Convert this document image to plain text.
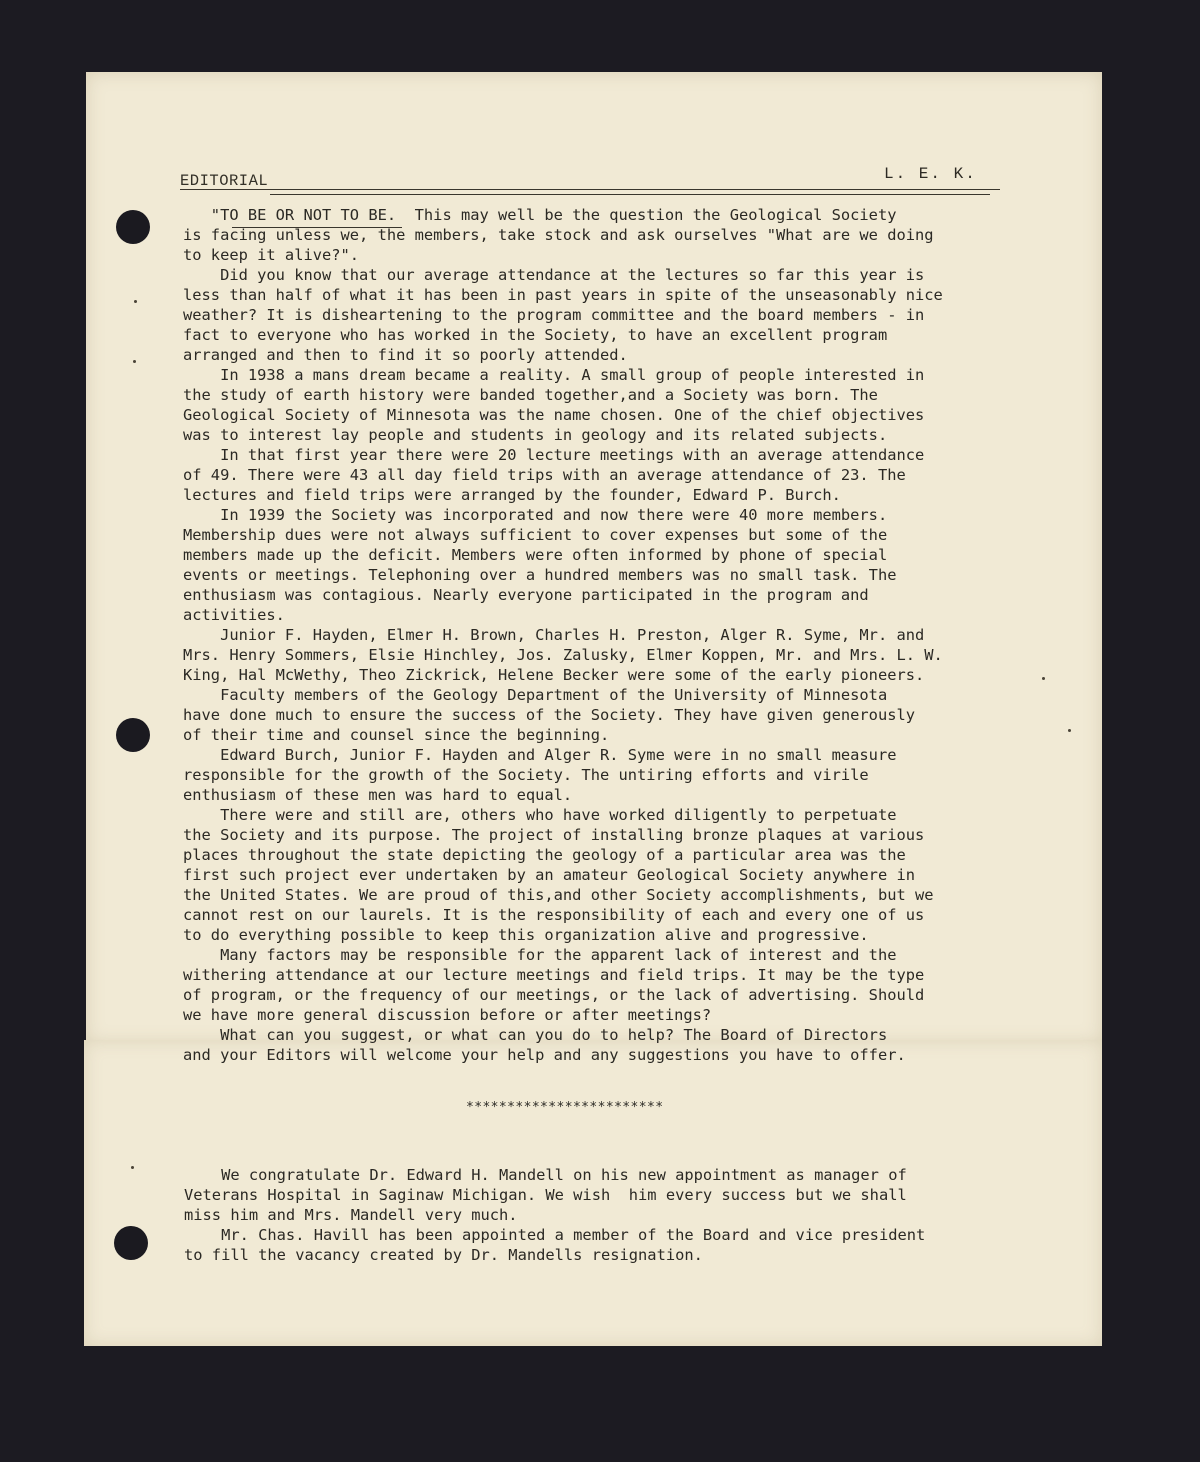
EDITORIAL	L. E. K.
"TO BE OR NOT TO BE.  This may well be the question the Geological Society
is facing unless we, the members, take stock and ask ourselves "What are we doing
to keep it alive?".
Did you know that our average attendance at the lectures so far this year is
less than half of what it has been in past years in spite of the unseasonably nice
weather? It is disheartening to the program committee and the board members - in
fact to everyone who has worked in the Society, to have an excellent program
arranged and then to find it so poorly attended.
In 1938 a mans dream became a reality. A small group of people interested in
the study of earth history were banded together,and a Society was born. The
Geological Society of Minnesota was the name chosen. One of the chief objectives
was to interest lay people and students in geology and its related subjects.
In that first year there were 20 lecture meetings with an average attendance
of 49. There were 43 all day field trips with an average attendance of 23. The
lectures and field trips were arranged by the founder, Edward P. Burch.
In 1939 the Society was incorporated and now there were 40 more members.
Membership dues were not always sufficient to cover expenses but some of the
members made up the deficit. Members were often informed by phone of special
events or meetings. Telephoning over a hundred members was no small task. The
enthusiasm was contagious. Nearly everyone participated in the program and
activities.
Junior F. Hayden, Elmer H. Brown, Charles H. Preston, Alger R. Syme, Mr. and
Mrs. Henry Sommers, Elsie Hinchley, Jos. Zalusky, Elmer Koppen, Mr. and Mrs. L. W.
King, Hal McWethy, Theo Zickrick, Helene Becker were some of the early pioneers.
Faculty members of the Geology Department of the University of Minnesota
have done much to ensure the success of the Society. They have given generously
of their time and counsel since the beginning.
Edward Burch, Junior F. Hayden and Alger R. Syme were in no small measure
responsible for the growth of the Society. The untiring efforts and virile
enthusiasm of these men was hard to equal.
There were and still are, others who have worked diligently to perpetuate
the Society and its purpose. The project of installing bronze plaques at various
places throughout the state depicting the geology of a particular area was the
first such project ever undertaken by an amateur Geological Society anywhere in
the United States. We are proud of this,and other Society accomplishments, but we
cannot rest on our laurels. It is the responsibility of each and every one of us
to do everything possible to keep this organization alive and progressive.
Many factors may be responsible for the apparent lack of interest and the
withering attendance at our lecture meetings and field trips. It may be the type
of program, or the frequency of our meetings, or the lack of advertising. Should
we have more general discussion before or after meetings?
What can you suggest, or what can you do to help? The Board of Directors
and your Editors will welcome your help and any suggestions you have to offer.
************************
We congratulate Dr. Edward H. Mandell on his new appointment as manager of
Veterans Hospital in Saginaw Michigan. We wish  him every success but we shall
miss him and Mrs. Mandell very much.
Mr. Chas. Havill has been appointed a member of the Board and vice president
to fill the vacancy created by Dr. Mandells resignation.
